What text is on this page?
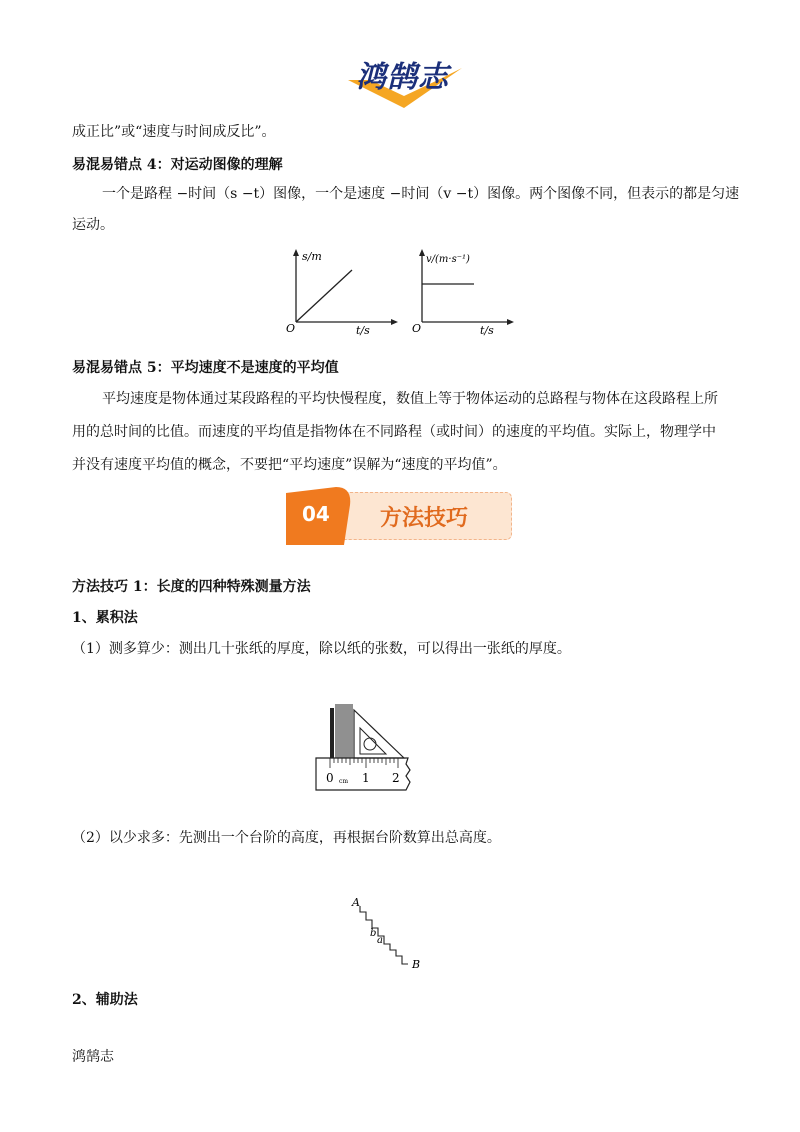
鸿鹄志
成正比”或“速度与时间成反比”。
易混易错点 4：对运动图像的理解
一个是路程 −时间（s −t）图像，一个是速度 −时间（v −t）图像。两个图像不同，但表示的都是匀速
运动。
s/m
O	t/s
v/(m·s⁻¹)
O	t/s
易混易错点 5：平均速度不是速度的平均值
平均速度是物体通过某段路程的平均快慢程度，数值上等于物体运动的总路程与物体在这段路程上所
用的总时间的比值。而速度的平均值是指物体在不同路程（或时间）的速度的平均值。实际上，物理学中
并没有速度平均值的概念，不要把“平均速度”误解为“速度的平均值”。
04 方法技巧
方法技巧 1：长度的四种特殊测量方法
1、累积法
（1）测多算少：测出几十张纸的厚度，除以纸的张数，可以得出一张纸的厚度。
0 cm 1 2
（2）以少求多：先测出一个台阶的高度，再根据台阶数算出总高度。
A
b
a
B
2、辅助法
鸿鹄志
